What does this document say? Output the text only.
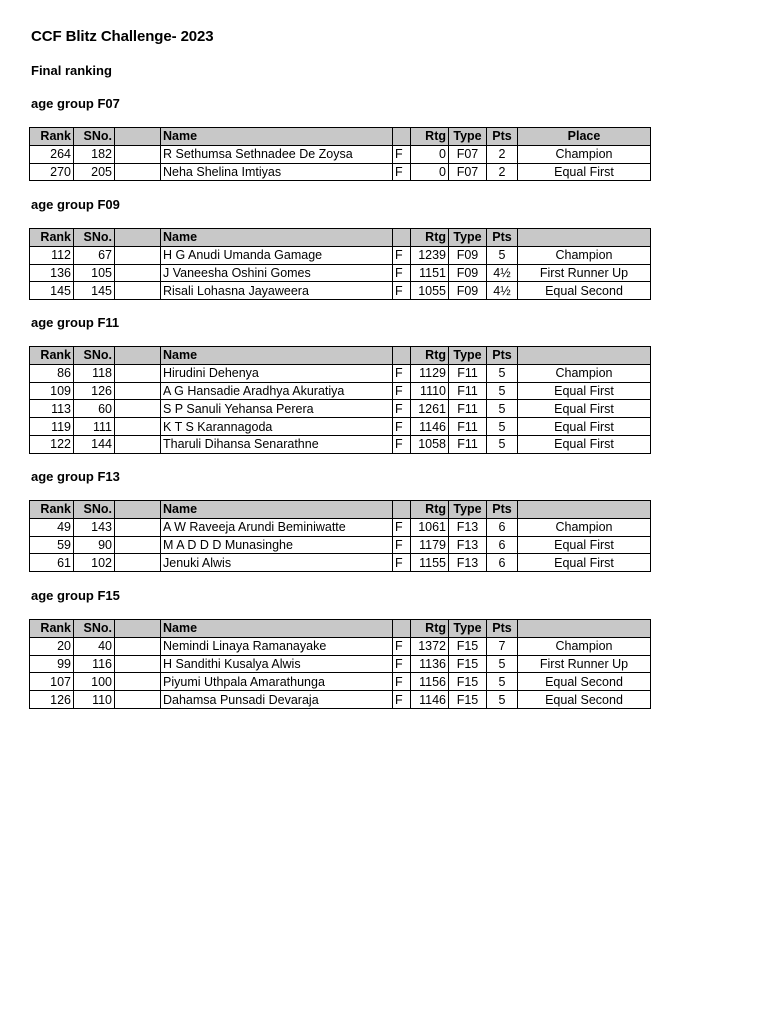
CCF Blitz Challenge- 2023
Final ranking
age group F07
Rank	SNo.		Name		Rtg	Type	Pts	Place
264	182		R Sethumsa Sethnadee De Zoysa	F	0	F07	2	Champion
270	205		Neha Shelina Imtiyas	F	0	F07	2	Equal First
age group F09
Rank	SNo.		Name		Rtg	Type	Pts	
112	67		H G Anudi Umanda Gamage	F	1239	F09	5	Champion
136	105		J Vaneesha Oshini Gomes	F	1151	F09	4½	First Runner Up
145	145		Risali Lohasna Jayaweera	F	1055	F09	4½	Equal Second
age group F11
Rank	SNo.		Name		Rtg	Type	Pts	
86	118		Hirudini Dehenya	F	1129	F11	5	Champion
109	126		A G Hansadie Aradhya Akuratiya	F	1110	F11	5	Equal First
113	60		S P Sanuli Yehansa Perera	F	1261	F11	5	Equal First
119	111		K T S Karannagoda	F	1146	F11	5	Equal First
122	144		Tharuli Dihansa Senarathne	F	1058	F11	5	Equal First
age group F13
Rank	SNo.		Name		Rtg	Type	Pts	
49	143		A W Raveeja Arundi Beminiwatte	F	1061	F13	6	Champion
59	90		M A D D D Munasinghe	F	1179	F13	6	Equal First
61	102		Jenuki Alwis	F	1155	F13	6	Equal First
age group F15
Rank	SNo.		Name		Rtg	Type	Pts	
20	40		Nemindi Linaya Ramanayake	F	1372	F15	7	Champion
99	116		H Sandithi Kusalya Alwis	F	1136	F15	5	First Runner Up
107	100		Piyumi Uthpala Amarathunga	F	1156	F15	5	Equal Second
126	110		Dahamsa Punsadi Devaraja	F	1146	F15	5	Equal Second
